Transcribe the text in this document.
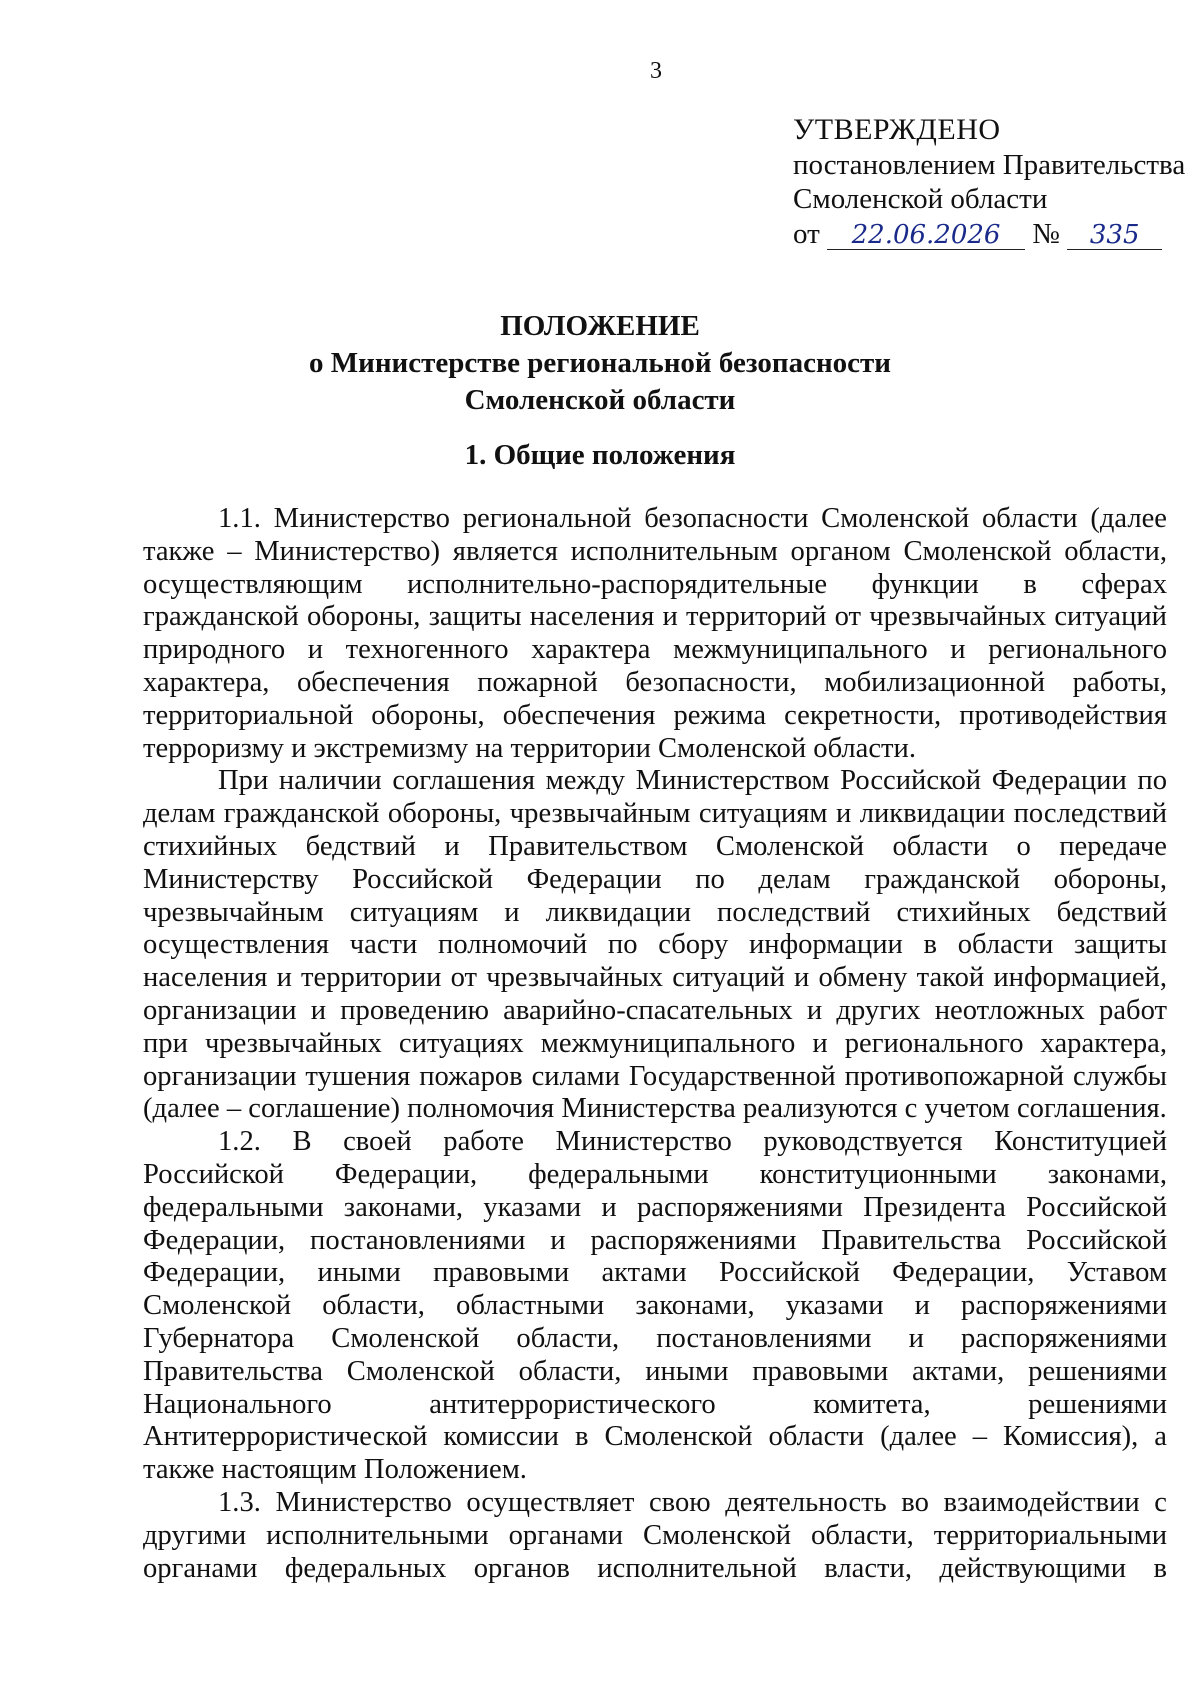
3
УТВЕРЖДЕНО
постановлением Правительства
Смоленской области
от 22.06.2026 № 335
ПОЛОЖЕНИЕ
о Министерстве региональной безопасности
Смоленской области
1. Общие положения

1.1. Министерство региональной безопасности Смоленской области (далее также – Министерство) является исполнительным органом Смоленской области, осуществляющим исполнительно-распорядительные функции в сферах гражданской обороны, защиты населения и территорий от чрезвычайных ситуаций природного и техногенного характера межмуниципального и регионального характера, обеспечения пожарной безопасности, мобилизационной работы, территориальной обороны, обеспечения режима секретности, противодействия терроризму и экстремизму на территории Смоленской области.

При наличии соглашения между Министерством Российской Федерации по делам гражданской обороны, чрезвычайным ситуациям и ликвидации последствий стихийных бедствий и Правительством Смоленской области о передаче Министерству Российской Федерации по делам гражданской обороны, чрезвычайным ситуациям и ликвидации последствий стихийных бедствий осуществления части полномочий по сбору информации в области защиты населения и территории от чрезвычайных ситуаций и обмену такой информацией, организации и проведению аварийно-спасательных и других неотложных работ при чрезвычайных ситуациях межмуниципального и регионального характера, организации тушения пожаров силами Государственной противопожарной службы (далее – соглашение) полномочия Министерства реализуются с учетом соглашения.

1.2. В своей работе Министерство руководствуется Конституцией Российской Федерации, федеральными конституционными законами, федеральными законами, указами и распоряжениями Президента Российской Федерации, постановлениями и распоряжениями Правительства Российской Федерации, иными правовыми актами Российской Федерации, Уставом Смоленской области, областными законами, указами и распоряжениями Губернатора Смоленской области, постановлениями и распоряжениями Правительства Смоленской области, иными правовыми актами, решениями Национального антитеррористического комитета, решениями Антитеррористической комиссии в Смоленской области (далее – Комиссия), а также настоящим Положением.

1.3. Министерство осуществляет свою деятельность во взаимодействии с другими исполнительными органами Смоленской области, территориальными органами федеральных органов исполнительной власти, действующими в
